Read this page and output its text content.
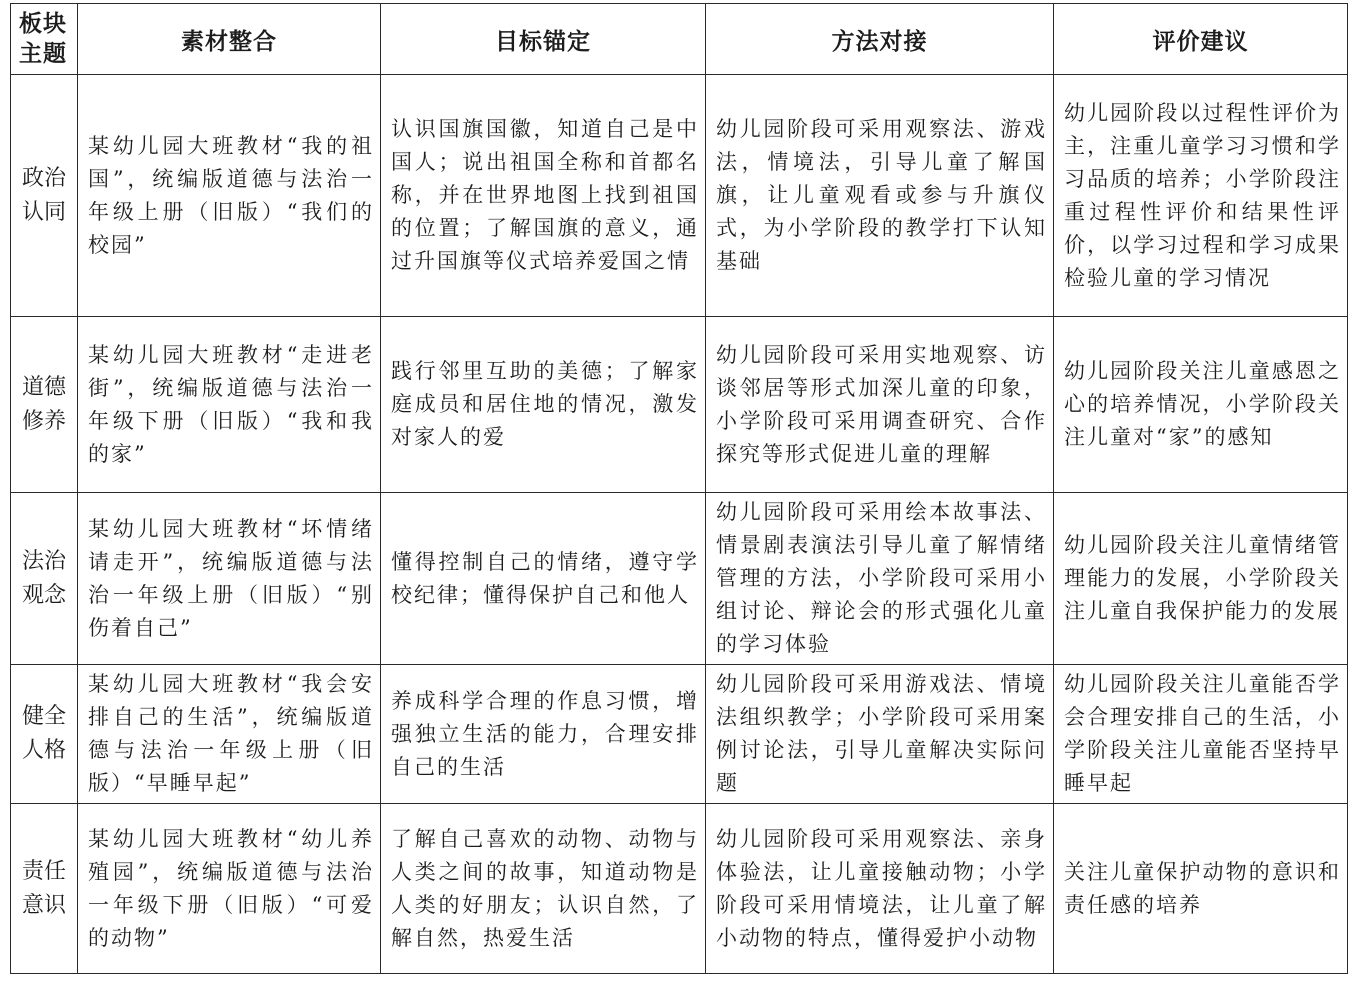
板块主题	素材整合	目标锚定	方法对接	评价建议
政治认同	某幼儿园大班教材“我的祖国”，统编版道德与法治一年级上册（旧版）“我们的校园”	认识国旗国徽，知道自己是中国人；说出祖国全称和首都名称，并在世界地图上找到祖国的位置；了解国旗的意义，通过升国旗等仪式培养爱国之情	幼儿园阶段可采用观察法、游戏法，情境法，引导儿童了解国旗，让儿童观看或参与升旗仪式，为小学阶段的教学打下认知基础	幼儿园阶段以过程性评价为主，注重儿童学习习惯和学习品质的培养；小学阶段注重过程性评价和结果性评价，以学习过程和学习成果检验儿童的学习情况
道德修养	某幼儿园大班教材“走进老街”，统编版道德与法治一年级下册（旧版）“我和我的家”	践行邻里互助的美德；了解家庭成员和居住地的情况，激发对家人的爱	幼儿园阶段可采用实地观察、访谈邻居等形式加深儿童的印象，小学阶段可采用调查研究、合作探究等形式促进儿童的理解	幼儿园阶段关注儿童感恩之心的培养情况，小学阶段关注儿童对“家”的感知
法治观念	某幼儿园大班教材“坏情绪请走开”，统编版道德与法治一年级上册（旧版）“别伤着自己”	懂得控制自己的情绪，遵守学校纪律；懂得保护自己和他人	幼儿园阶段可采用绘本故事法、情景剧表演法引导儿童了解情绪管理的方法，小学阶段可采用小组讨论、辩论会的形式强化儿童的学习体验	幼儿园阶段关注儿童情绪管理能力的发展，小学阶段关注儿童自我保护能力的发展
健全人格	某幼儿园大班教材“我会安排自己的生活”，统编版道德与法治一年级上册（旧版）“早睡早起”	养成科学合理的作息习惯，增强独立生活的能力，合理安排自己的生活	幼儿园阶段可采用游戏法、情境法组织教学；小学阶段可采用案例讨论法，引导儿童解决实际问题	幼儿园阶段关注儿童能否学会合理安排自己的生活，小学阶段关注儿童能否坚持早睡早起
责任意识	某幼儿园大班教材“幼儿养殖园”，统编版道德与法治一年级下册（旧版）“可爱的动物”	了解自己喜欢的动物、动物与人类之间的故事，知道动物是人类的好朋友；认识自然，了解自然，热爱生活	幼儿园阶段可采用观察法、亲身体验法，让儿童接触动物；小学阶段可采用情境法，让儿童了解小动物的特点，懂得爱护小动物	关注儿童保护动物的意识和责任感的培养
